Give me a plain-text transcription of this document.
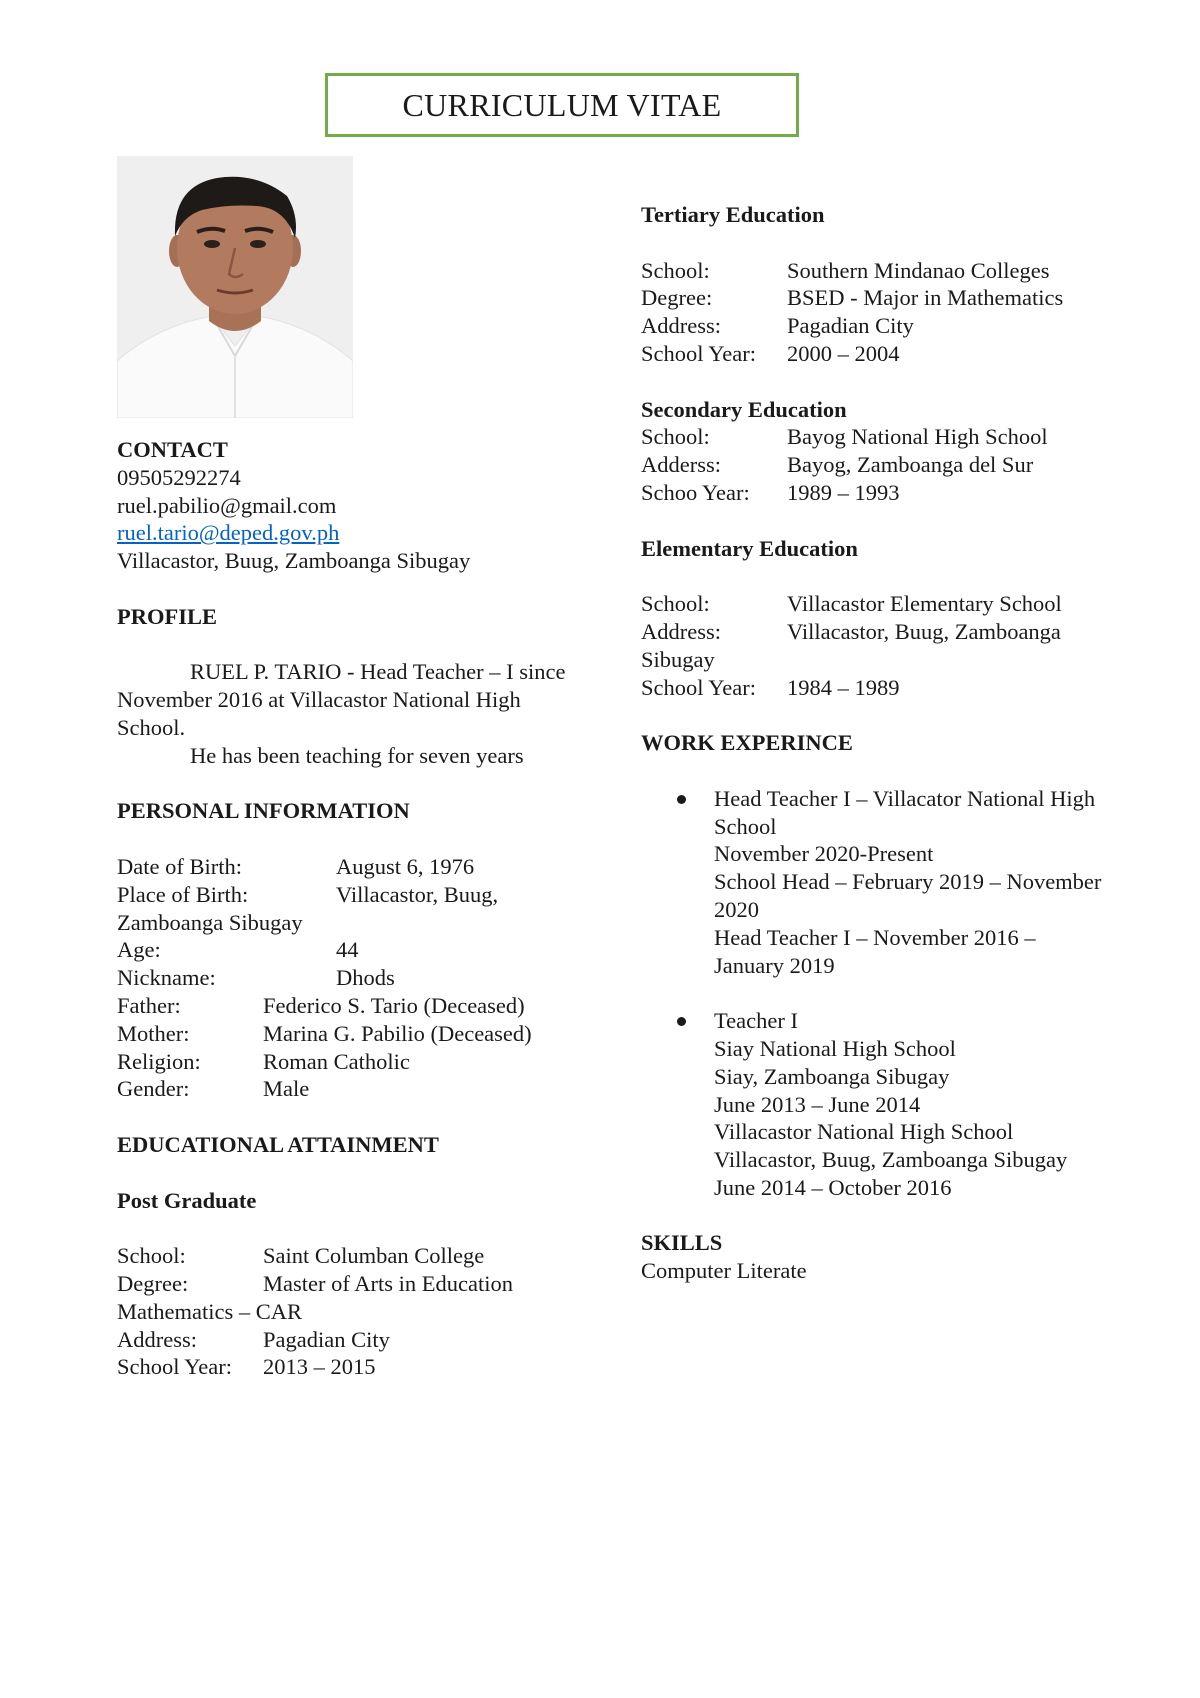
CURRICULUM VITAE
CONTACT
09505292274
ruel.pabilio@gmail.com
ruel.tario@deped.gov.ph
Villacastor, Buug, Zamboanga Sibugay
PROFILE
RUEL P. TARIO - Head Teacher – I since November 2016 at Villacastor National High School.
He has been teaching for seven years
PERSONAL INFORMATION
Date of Birth:	August 6, 1976
Place of Birth:	Villacastor, Buug,
Zamboanga Sibugay
Age:	44
Nickname:	Dhods
Father:	Federico S. Tario (Deceased)
Mother:	Marina G. Pabilio (Deceased)
Religion:	Roman Catholic
Gender:	Male
EDUCATIONAL ATTAINMENT
Post Graduate
School:	Saint Columban College
Degree:	Master of Arts in Education
Mathematics – CAR
Address:	Pagadian City
School Year:	2013 – 2015
Tertiary Education
School:	Southern Mindanao Colleges
Degree:	BSED - Major in Mathematics
Address:	Pagadian City
School Year:	2000 – 2004
Secondary Education
School:	Bayog National High School
Adderss:	Bayog, Zamboanga del Sur
Schoo Year:	1989 – 1993
Elementary Education
School:	Villacastor Elementary School
Address:	Villacastor, Buug, Zamboanga
Sibugay
School Year:	1984 – 1989
WORK EXPERINCE
Head Teacher I – Villacator National High School
November 2020-Present
School Head – February 2019 – November 2020
Head Teacher I – November 2016 – January 2019
Teacher I
Siay National High School
Siay, Zamboanga Sibugay
June 2013 – June 2014
Villacastor National High School
Villacastor, Buug, Zamboanga Sibugay
June 2014 – October 2016
SKILLS
Computer Literate
